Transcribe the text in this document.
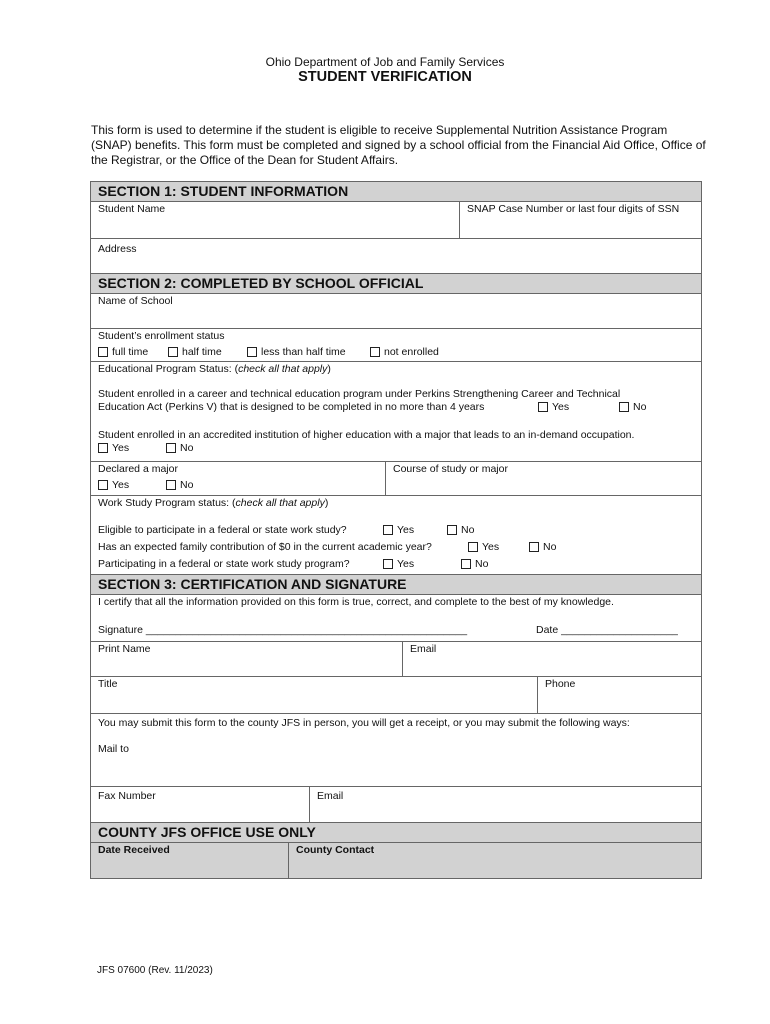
Ohio Department of Job and Family Services
STUDENT VERIFICATION
This form is used to determine if the student is eligible to receive Supplemental Nutrition Assistance Program (SNAP) benefits. This form must be completed and signed by a school official from the Financial Aid Office, Office of the Registrar, or the Office of the Dean for Student Affairs.
SECTION 1: STUDENT INFORMATION
Student Name	SNAP Case Number or last four digits of SSN
Address
SECTION 2: COMPLETED BY SCHOOL OFFICIAL
Name of School
Student’s enrollment status
full time	half time	less than half time	not enrolled
Educational Program Status: (check all that apply)
Student enrolled in a career and technical education program under Perkins Strengthening Career and Technical
Education Act (Perkins V) that is designed to be completed in no more than 4 years	Yes	No
Student enrolled in an accredited institution of higher education with a major that leads to an in-demand occupation.
Yes	No
Declared a major
Yes	No
Course of study or major
Work Study Program status: (check all that apply)
Eligible to participate in a federal or state work study?	Yes	No
Has an expected family contribution of $0 in the current academic year?	Yes	No
Participating in a federal or state work study program?	Yes	No
SECTION 3: CERTIFICATION AND SIGNATURE
I certify that all the information provided on this form is true, correct, and complete to the best of my knowledge.
Signature _______________________________________________________	Date ____________________
Print Name	Email
Title	Phone
You may submit this form to the county JFS in person, you will get a receipt, or you may submit the following ways:
Mail to
Fax Number	Email
COUNTY JFS OFFICE USE ONLY
Date Received	County Contact
JFS 07600 (Rev. 11/2023)
